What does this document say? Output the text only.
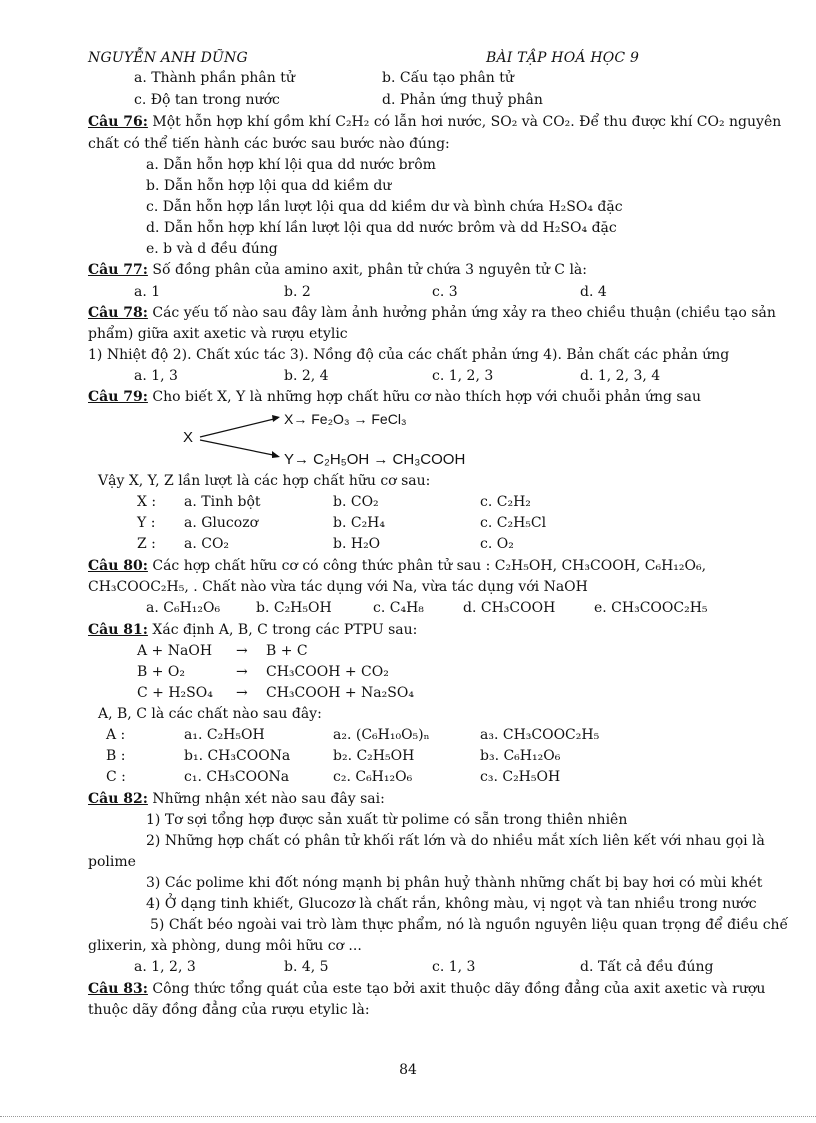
NGUYỄN ANH DŨNG	BÀI TẬP HOÁ HỌC 9
a. Thành phần phân tử	b. Cấu tạo phân tử
c. Độ tan trong nước	d. Phản ứng thuỷ phân
Câu 76: Một hỗn hợp khí gồm khí C₂H₂ có lẫn hơi nước, SO₂ và CO₂. Để thu được khí CO₂ nguyên
chất có thể tiến hành các bước sau bước nào đúng:
a. Dẫn hỗn hợp khí lội qua dd nước brôm
b. Dẫn hỗn hợp lội qua dd kiềm dư
c. Dẫn hỗn hợp lần lượt lội qua dd kiềm dư và bình chứa H₂SO₄ đặc
d. Dẫn hỗn hợp khí lần lượt lội qua dd nước brôm và dd H₂SO₄ đặc
e. b và d đều đúng
Câu 77: Số đồng phân của amino axit, phân tử chứa 3 nguyên tử C là:
a. 1	b. 2	c. 3	d. 4
Câu 78: Các yếu tố nào sau đây làm ảnh hưởng phản ứng xảy ra theo chiều thuận (chiều tạo sản
phẩm) giữa axit axetic và rượu etylic
1) Nhiệt độ 2). Chất xúc tác 3). Nồng độ của các chất phản ứng 4). Bản chất các phản ứng
a. 1, 3	b. 2, 4	c. 1, 2, 3	d. 1, 2, 3, 4
Câu 79: Cho biết X, Y là những hợp chất hữu cơ nào thích hợp với chuỗi phản ứng sau
X
X→ Fe₂O₃ → FeCl₃
Y→ C₂H₅OH → CH₃COOH
Vậy X, Y, Z lần lượt là các hợp chất hữu cơ sau:
X : a. Tinh bột	b. CO₂	c. C₂H₂
Y : a. Glucozơ	b. C₂H₄	c. C₂H₅Cl
Z : a. CO₂	b. H₂O	c. O₂
Câu 80: Các hợp chất hữu cơ có công thức phân tử sau : C₂H₅OH, CH₃COOH, C₆H₁₂O₆,
CH₃COOC₂H₅, . Chất nào vừa tác dụng với Na, vừa tác dụng với NaOH
a. C₆H₁₂O₆	b. C₂H₅OH	c. C₄H₈	d. CH₃COOH	e. CH₃COOC₂H₅
Câu 81: Xác định A, B, C trong các PTPU sau:
A + NaOH → B + C
B + O₂	→ CH₃COOH + CO₂
C + H₂SO₄ → CH₃COOH + Na₂SO₄
A, B, C là các chất nào sau đây:
A :	a₁. C₂H₅OH	a₂. (C₆H₁₀O₅)ₙ	a₃. CH₃COOC₂H₅
B :	b₁. CH₃COONa	b₂. C₂H₅OH	b₃. C₆H₁₂O₆
C :	c₁. CH₃COONa	c₂. C₆H₁₂O₆	c₃. C₂H₅OH
Câu 82: Những nhận xét nào sau đây sai:
1) Tơ sợi tổng hợp được sản xuất từ polime có sẵn trong thiên nhiên
2) Những hợp chất có phân tử khối rất lớn và do nhiều mắt xích liên kết với nhau gọi là
polime
3) Các polime khi đốt nóng mạnh bị phân huỷ thành những chất bị bay hơi có mùi khét
4) Ở dạng tinh khiết, Glucozơ là chất rắn, không màu, vị ngọt và tan nhiều trong nước
5) Chất béo ngoài vai trò làm thực phẩm, nó là nguồn nguyên liệu quan trọng để điều chế
glixerin, xà phòng, dung môi hữu cơ ...
a. 1, 2, 3	b. 4, 5	c. 1, 3	d. Tất cả đều đúng
Câu 83: Công thức tổng quát của este tạo bởi axit thuộc dãy đồng đẳng của axit axetic và rượu
thuộc dãy đồng đẳng của rượu etylic là:
84
